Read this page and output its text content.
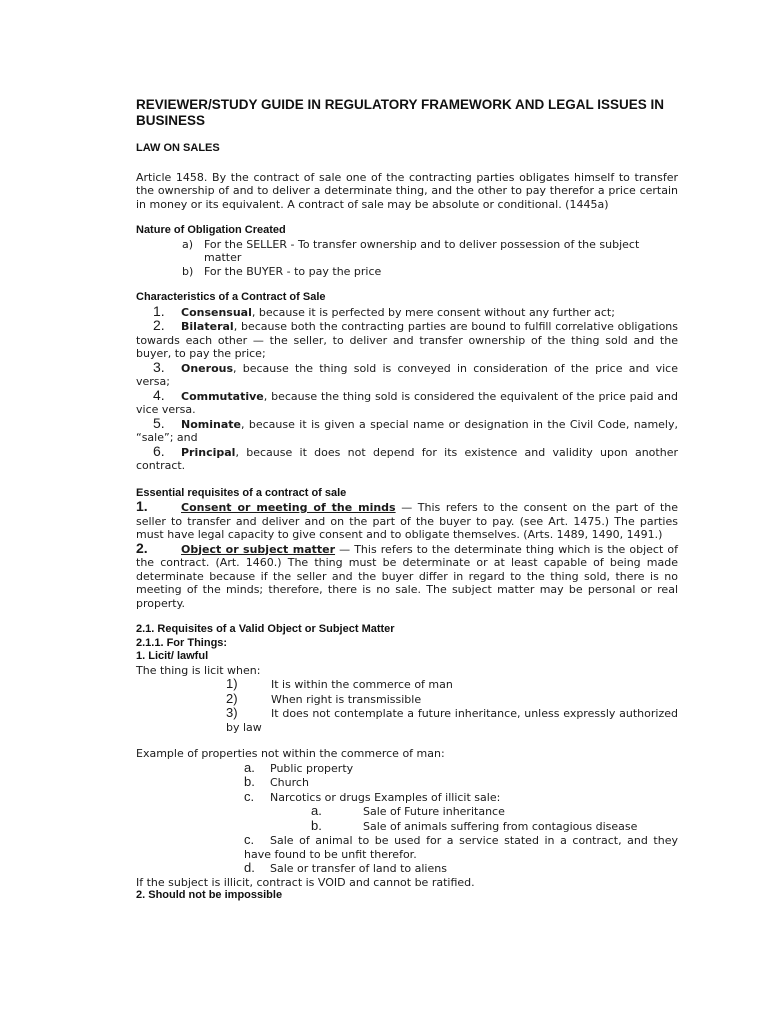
REVIEWER/STUDY GUIDE IN REGULATORY FRAMEWORK AND LEGAL ISSUES IN BUSINESS

LAW ON SALES

Article 1458. By the contract of sale one of the contracting parties obligates himself to transfer the ownership of and to deliver a determinate thing, and the other to pay therefor a price certain in money or its equivalent. A contract of sale may be absolute or conditional. (1445a)

Nature of Obligation Created

a) For the SELLER - To transfer ownership and to deliver possession of the subject matter
b) For the BUYER - to pay the price

Characteristics of a Contract of Sale

1. Consensual, because it is perfected by mere consent without any further act;
2. Bilateral, because both the contracting parties are bound to fulfill correlative obligations towards each other — the seller, to deliver and transfer ownership of the thing sold and the buyer, to pay the price;
3. Onerous, because the thing sold is conveyed in consideration of the price and vice versa;
4. Commutative, because the thing sold is considered the equivalent of the price paid and vice versa.
5. Nominate, because it is given a special name or designation in the Civil Code, namely, “sale”; and
6. Principal, because it does not depend for its existence and validity upon another contract.

Essential requisites of a contract of sale

1.	Consent or meeting of the minds — This refers to the consent on the part of the seller to transfer and deliver and on the part of the buyer to pay. (see Art. 1475.) The parties must have legal capacity to give consent and to obligate themselves. (Arts. 1489, 1490, 1491.)
2.	Object or subject matter — This refers to the determinate thing which is the object of the contract. (Art. 1460.) The thing must be determinate or at least capable of being made determinate because if the seller and the buyer differ in regard to the thing sold, there is no meeting of the minds; therefore, there is no sale. The subject matter may be personal or real property.

2.1. Requisites of a Valid Object or Subject Matter

2.1.1. For Things:

1. Licit/ lawful

The thing is licit when:

1)	It is within the commerce of man
2)	When right is transmissible
3)	It does not contemplate a future inheritance, unless expressly authorized by law

Example of properties not within the commerce of man:

a. Public property
b. Church
c. Narcotics or drugs Examples of illicit sale:
a.	Sale of Future inheritance
b.	Sale of animals suffering from contagious disease
c. Sale of animal to be used for a service stated in a contract, and they have found to be unfit therefor.
d. Sale or transfer of land to aliens

If the subject is illicit, contract is VOID and cannot be ratified.

2. Should not be impossible
